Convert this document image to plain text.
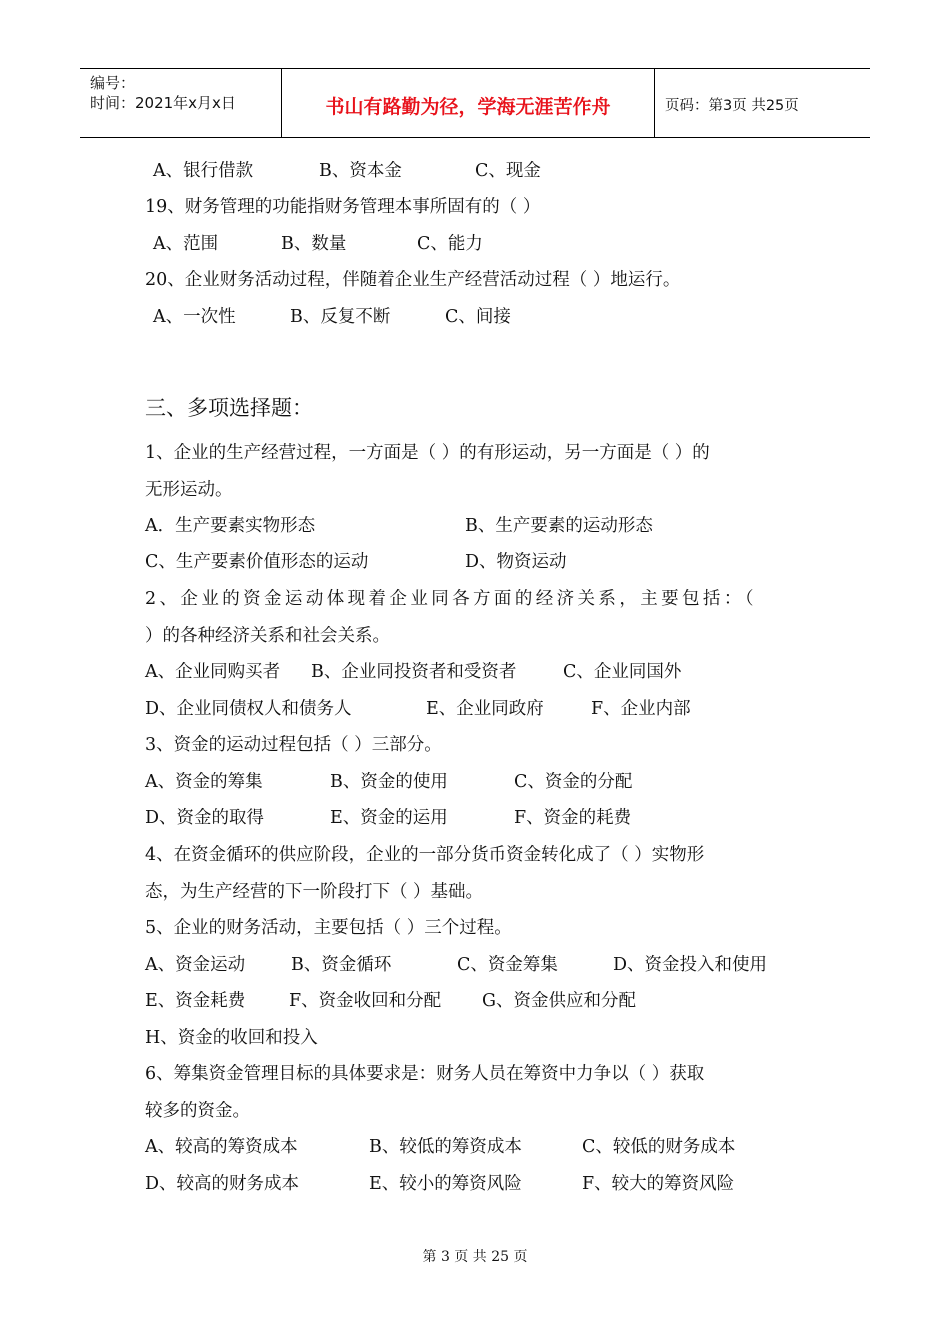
编号：
时间：2021年x月x日	书山有路勤为径，学海无涯苦作舟	页码：第3页 共25页
A、银行借款	B、资本金	C、现金
19、财务管理的功能指财务管理本事所固有的（ ）
A、范围	B、数量	C、能力
20、企业财务活动过程，伴随着企业生产经营活动过程（ ）地运行。
A、一次性	B、反复不断	C、间接
三、多项选择题：
1、企业的生产经营过程，一方面是（ ）的有形运动，另一方面是（ ）的
无形运动。
A．生产要素实物形态	B、生产要素的运动形态
C、生产要素价值形态的运动	D、物资运动
2、企业的资金运动体现着企业同各方面的经济关系，主要包括：（
）的各种经济关系和社会关系。
A、企业同购买者 B、企业同投资者和受资者	C、企业同国外
D、企业同债权人和债务人	E、企业同政府	F、企业内部
3、资金的运动过程包括（ ）三部分。
A、资金的筹集	B、资金的使用	C、资金的分配
D、资金的取得	E、资金的运用	F、资金的耗费
4、在资金循环的供应阶段，企业的一部分货币资金转化成了（ ）实物形
态，为生产经营的下一阶段打下（ ）基础。
5、企业的财务活动，主要包括（ ）三个过程。
A、资金运动	B、资金循环	C、资金筹集	D、资金投入和使用
E、资金耗费 F、资金收回和分配 G、资金供应和分配
H、资金的收回和投入
6、筹集资金管理目标的具体要求是：财务人员在筹资中力争以（ ）获取
较多的资金。
A、较高的筹资成本	B、较低的筹资成本	C、较低的财务成本
D、较高的财务成本	E、较小的筹资风险	F、较大的筹资风险
第 3 页 共 25 页
